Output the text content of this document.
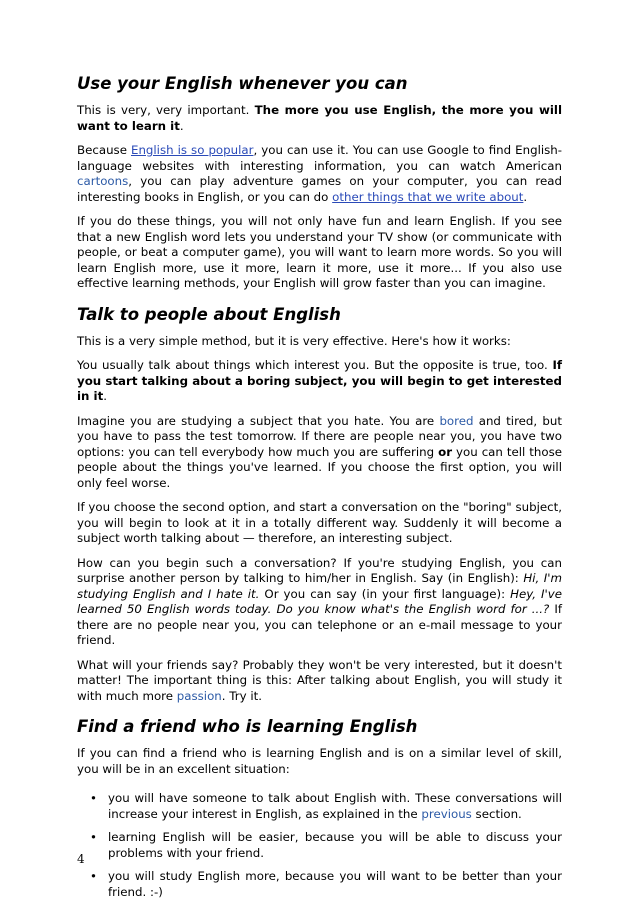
Use your English whenever you can

This is very, very important. The more you use English, the more you will want to learn it.

Because English is so popular, you can use it. You can use Google to find English-language websites with interesting information, you can watch American cartoons, you can play adventure games on your computer, you can read interesting books in English, or you can do other things that we write about.

If you do these things, you will not only have fun and learn English. If you see that a new English word lets you understand your TV show (or communicate with people, or beat a computer game), you will want to learn more words. So you will learn English more, use it more, learn it more, use it more... If you also use effective learning methods, your English will grow faster than you can imagine.

Talk to people about English

This is a very simple method, but it is very effective. Here's how it works:

You usually talk about things which interest you. But the opposite is true, too. If you start talking about a boring subject, you will begin to get interested in it.

Imagine you are studying a subject that you hate. You are bored and tired, but you have to pass the test tomorrow. If there are people near you, you have two options: you can tell everybody how much you are suffering or you can tell those people about the things you've learned. If you choose the first option, you will only feel worse.

If you choose the second option, and start a conversation on the "boring" subject, you will begin to look at it in a totally different way. Suddenly it will become a subject worth talking about — therefore, an interesting subject.

How can you begin such a conversation? If you're studying English, you can surprise another person by talking to him/her in English. Say (in English): Hi, I'm studying English and I hate it. Or you can say (in your first language): Hey, I've learned 50 English words today. Do you know what's the English word for ...? If there are no people near you, you can telephone or an e-mail message to your friend.

What will your friends say? Probably they won't be very interested, but it doesn't matter! The important thing is this: After talking about English, you will study it with much more passion. Try it.

Find a friend who is learning English

If you can find a friend who is learning English and is on a similar level of skill, you will be in an excellent situation:

• you will have someone to talk about English with. These conversations will increase your interest in English, as explained in the previous section.

• learning English will be easier, because you will be able to discuss your problems with your friend.

• you will study English more, because you will want to be better than your friend. :-)

4
